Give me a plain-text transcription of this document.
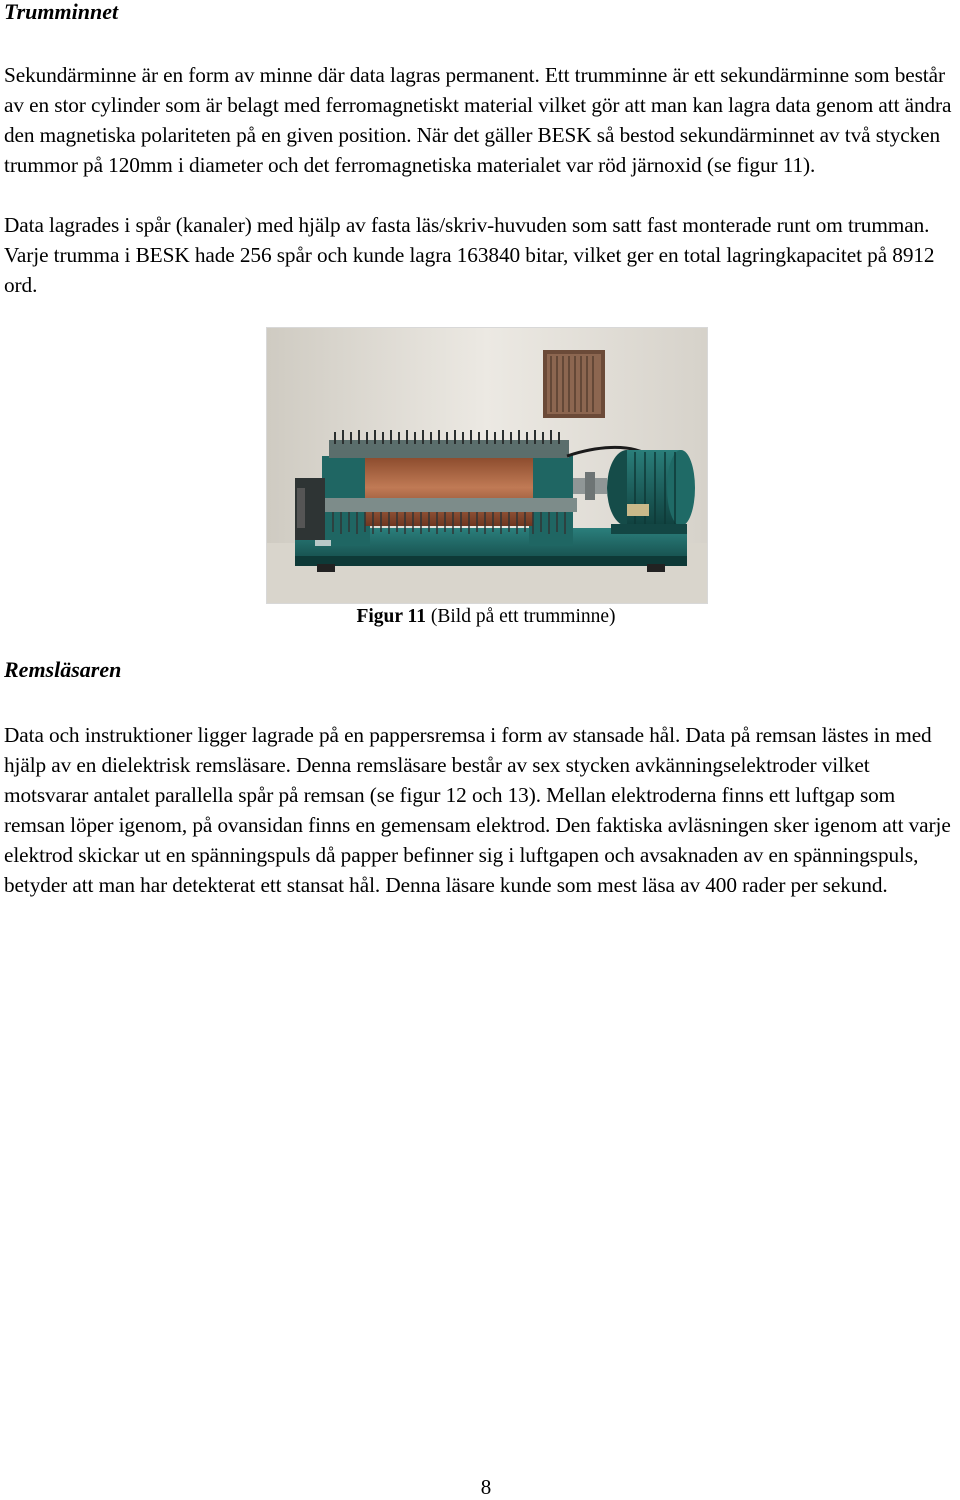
Trumminnet

Sekundärminne är en form av minne där data lagras permanent. Ett trumminne är ett sekundärminne som består av en stor cylinder som är belagt med ferromagnetiskt material vilket gör att man kan lagra data genom att ändra den magnetiska polariteten på en given position. När det gäller BESK så bestod sekundärminnet av två stycken trummor på 120mm i diameter och det ferromagnetiska materialet var röd järnoxid (se figur 11).

Data lagrades i spår (kanaler) med hjälp av fasta läs/skriv-huvuden som satt fast monterade runt om trumman. Varje trumma i BESK hade 256 spår och kunde lagra 163840 bitar, vilket ger en total lagringkapacitet på 8912 ord.

Figur 11 (Bild på ett trumminne)
Remsläsaren

Data och instruktioner ligger lagrade på en pappersremsa i form av stansade hål. Data på remsan lästes in med hjälp av en dielektrisk remsläsare. Denna remsläsare består av sex stycken avkänningselektroder vilket motsvarar antalet parallella spår på remsan (se figur 12 och 13). Mellan elektroderna finns ett luftgap som remsan löper igenom, på ovansidan finns en gemensam elektrod. Den faktiska avläsningen sker igenom att varje elektrod skickar ut en spänningspuls då papper befinner sig i luftgapen och avsaknaden av en spänningspuls, betyder att man har detekterat ett stansat hål. Denna läsare kunde som mest läsa av 400 rader per sekund.

8
